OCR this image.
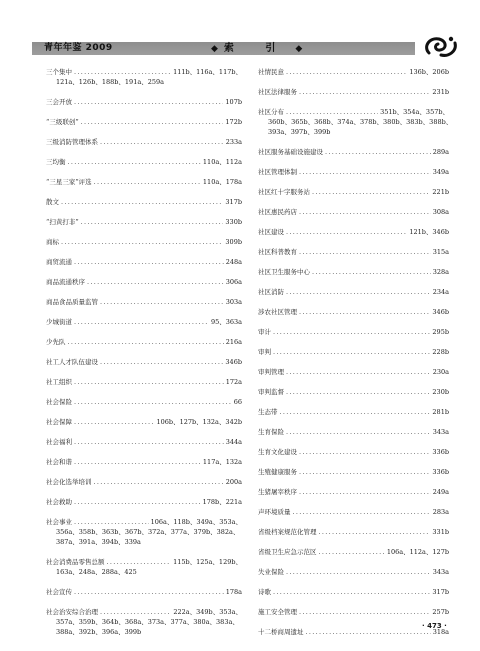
青年年鉴 2009	◆ 索 引 ◆
三个集中 .....	111b、116a、117b、
121a、126b、188b、191a、259a
三会开放 .....	107b
“三级联创” .....	172b
三级消防管理体系 .....	233a
三均衡 .....	110a、112a
“三星三家”评选 .....	110a、178a
散文 .....	317b
“扫黄打非” .....	330b
商标 .....	309b
商贸流通 .....	248a
商品流通秩序 .....	306a
商品食品质量监管 .....	303a
少城街道 .....	95、363a
少先队 .....	216a
社工人才队伍建设 .....	346b
社工组织 .....	172a
社会保险 .....	66
社会保障 .....	106b、127b、132a、342b
社会福利 .....	344a
社会和谐 .....	117a、132a
社会化选举培训 .....	200a
社会救助 .....	178b、221a
社会事业 .....	106a、118b、349a、353a、
356a、358b、363b、367b、372a、377a、379b、382a、
387a、391a、394b、339a
社会消费品零售总额 .....	115b、125a、129b、
163a、248a、288a、425
社会宣传 .....	178a
社会治安综合治理 .....	222a、349b、353a、
357a、359b、364b、368a、373a、377a、380a、383a、
388a、392b、396a、399b
社情民意 .....	136b、206b
社区法律服务 .....	231b
社区分布 .....	351b、354a、357b、
360b、365b、368b、374a、378b、380b、383b、388b、
393a、397b、399b
社区服务基础设施建设 .....	289a
社区管理体制 .....	349a
社区红十字服务站 .....	221b
社区惠民药店 .....	308a
社区建设 .....	121b、346b
社区科普教育 .....	315a
社区卫生服务中心 .....	328a
社区消防 .....	234a
涉农社区管理 .....	346b
审计 .....	295b
审判 .....	228b
审判管理 .....	230a
审判监督 .....	230b
生态带 .....	281b
生育保险 .....	343a
生育文化建设 .....	336b
生殖健康服务 .....	336b
生猪屠宰秩序 .....	249a
声环境质量 .....	283a
省级档案规范化管理 .....	331b
省级卫生应急示范区 .....	106a、112a、127b
失业保险 .....	343a
诗歌 .....	317b
施工安全管理 .....	257b
十二桥商周遗址 .....	318a
· 473 ·
